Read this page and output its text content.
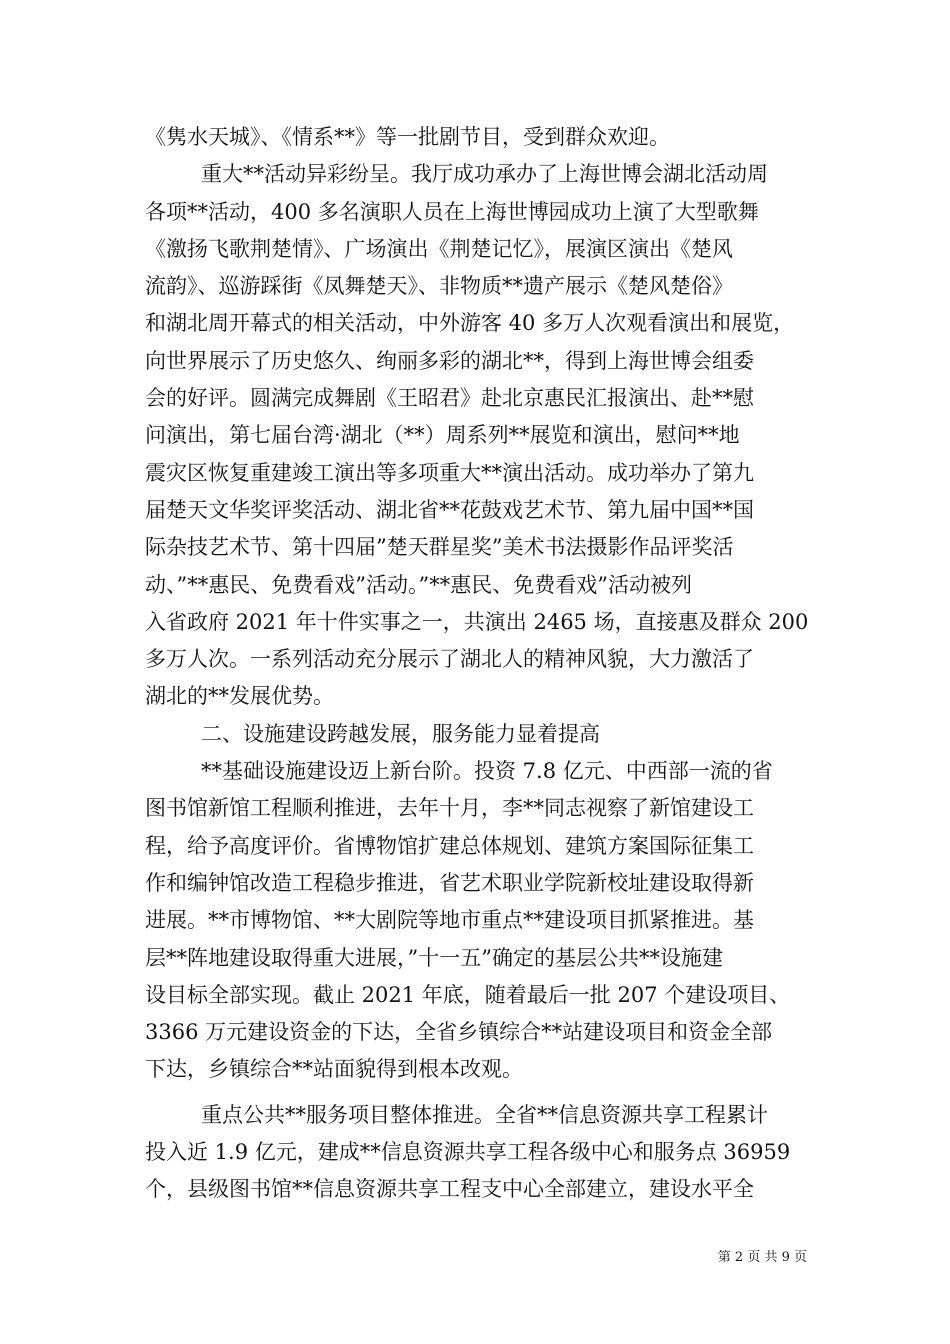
《隽水天城》、《情系**》等一批剧节目，受到群众欢迎。
重大**活动异彩纷呈。我厅成功承办了上海世博会湖北活动周
各项**活动，400 多名演职人员在上海世博园成功上演了大型歌舞
《激扬飞歌荆楚情》、广场演出《荆楚记忆》，展演区演出《楚风
流韵》、巡游踩街《凤舞楚天》、非物质**遗产展示《楚风楚俗》
和湖北周开幕式的相关活动，中外游客 40 多万人次观看演出和展览，
向世界展示了历史悠久、绚丽多彩的湖北**，得到上海世博会组委
会的好评。圆满完成舞剧《王昭君》赴北京惠民汇报演出、赴**慰
问演出，第七届台湾·湖北（**）周系列**展览和演出，慰问**地
震灾区恢复重建竣工演出等多项重大**演出活动。成功举办了第九
届楚天文华奖评奖活动、湖北省**花鼓戏艺术节、第九届中国**国
际杂技艺术节、第十四届”楚天群星奖”美术书法摄影作品评奖活
动、”**惠民、免费看戏”活动。”**惠民、免费看戏”活动被列
入省政府 2021 年十件实事之一，共演出 2465 场，直接惠及群众 200
多万人次。一系列活动充分展示了湖北人的精神风貌，大力激活了
湖北的**发展优势。
二、设施建设跨越发展，服务能力显着提高
**基础设施建设迈上新台阶。投资 7.8 亿元、中西部一流的省
图书馆新馆工程顺利推进，去年十月，李**同志视察了新馆建设工
程，给予高度评价。省博物馆扩建总体规划、建筑方案国际征集工
作和编钟馆改造工程稳步推进，省艺术职业学院新校址建设取得新
进展。**市博物馆、**大剧院等地市重点**建设项目抓紧推进。基
层**阵地建设取得重大进展，”十一五”确定的基层公共**设施建
设目标全部实现。截止 2021 年底，随着最后一批 207 个建设项目、
3366 万元建设资金的下达，全省乡镇综合**站建设项目和资金全部
下达，乡镇综合**站面貌得到根本改观。
重点公共**服务项目整体推进。全省**信息资源共享工程累计
投入近 1.9 亿元，建成**信息资源共享工程各级中心和服务点 36959
个，县级图书馆**信息资源共享工程支中心全部建立，建设水平全
第 2 页 共 9 页
